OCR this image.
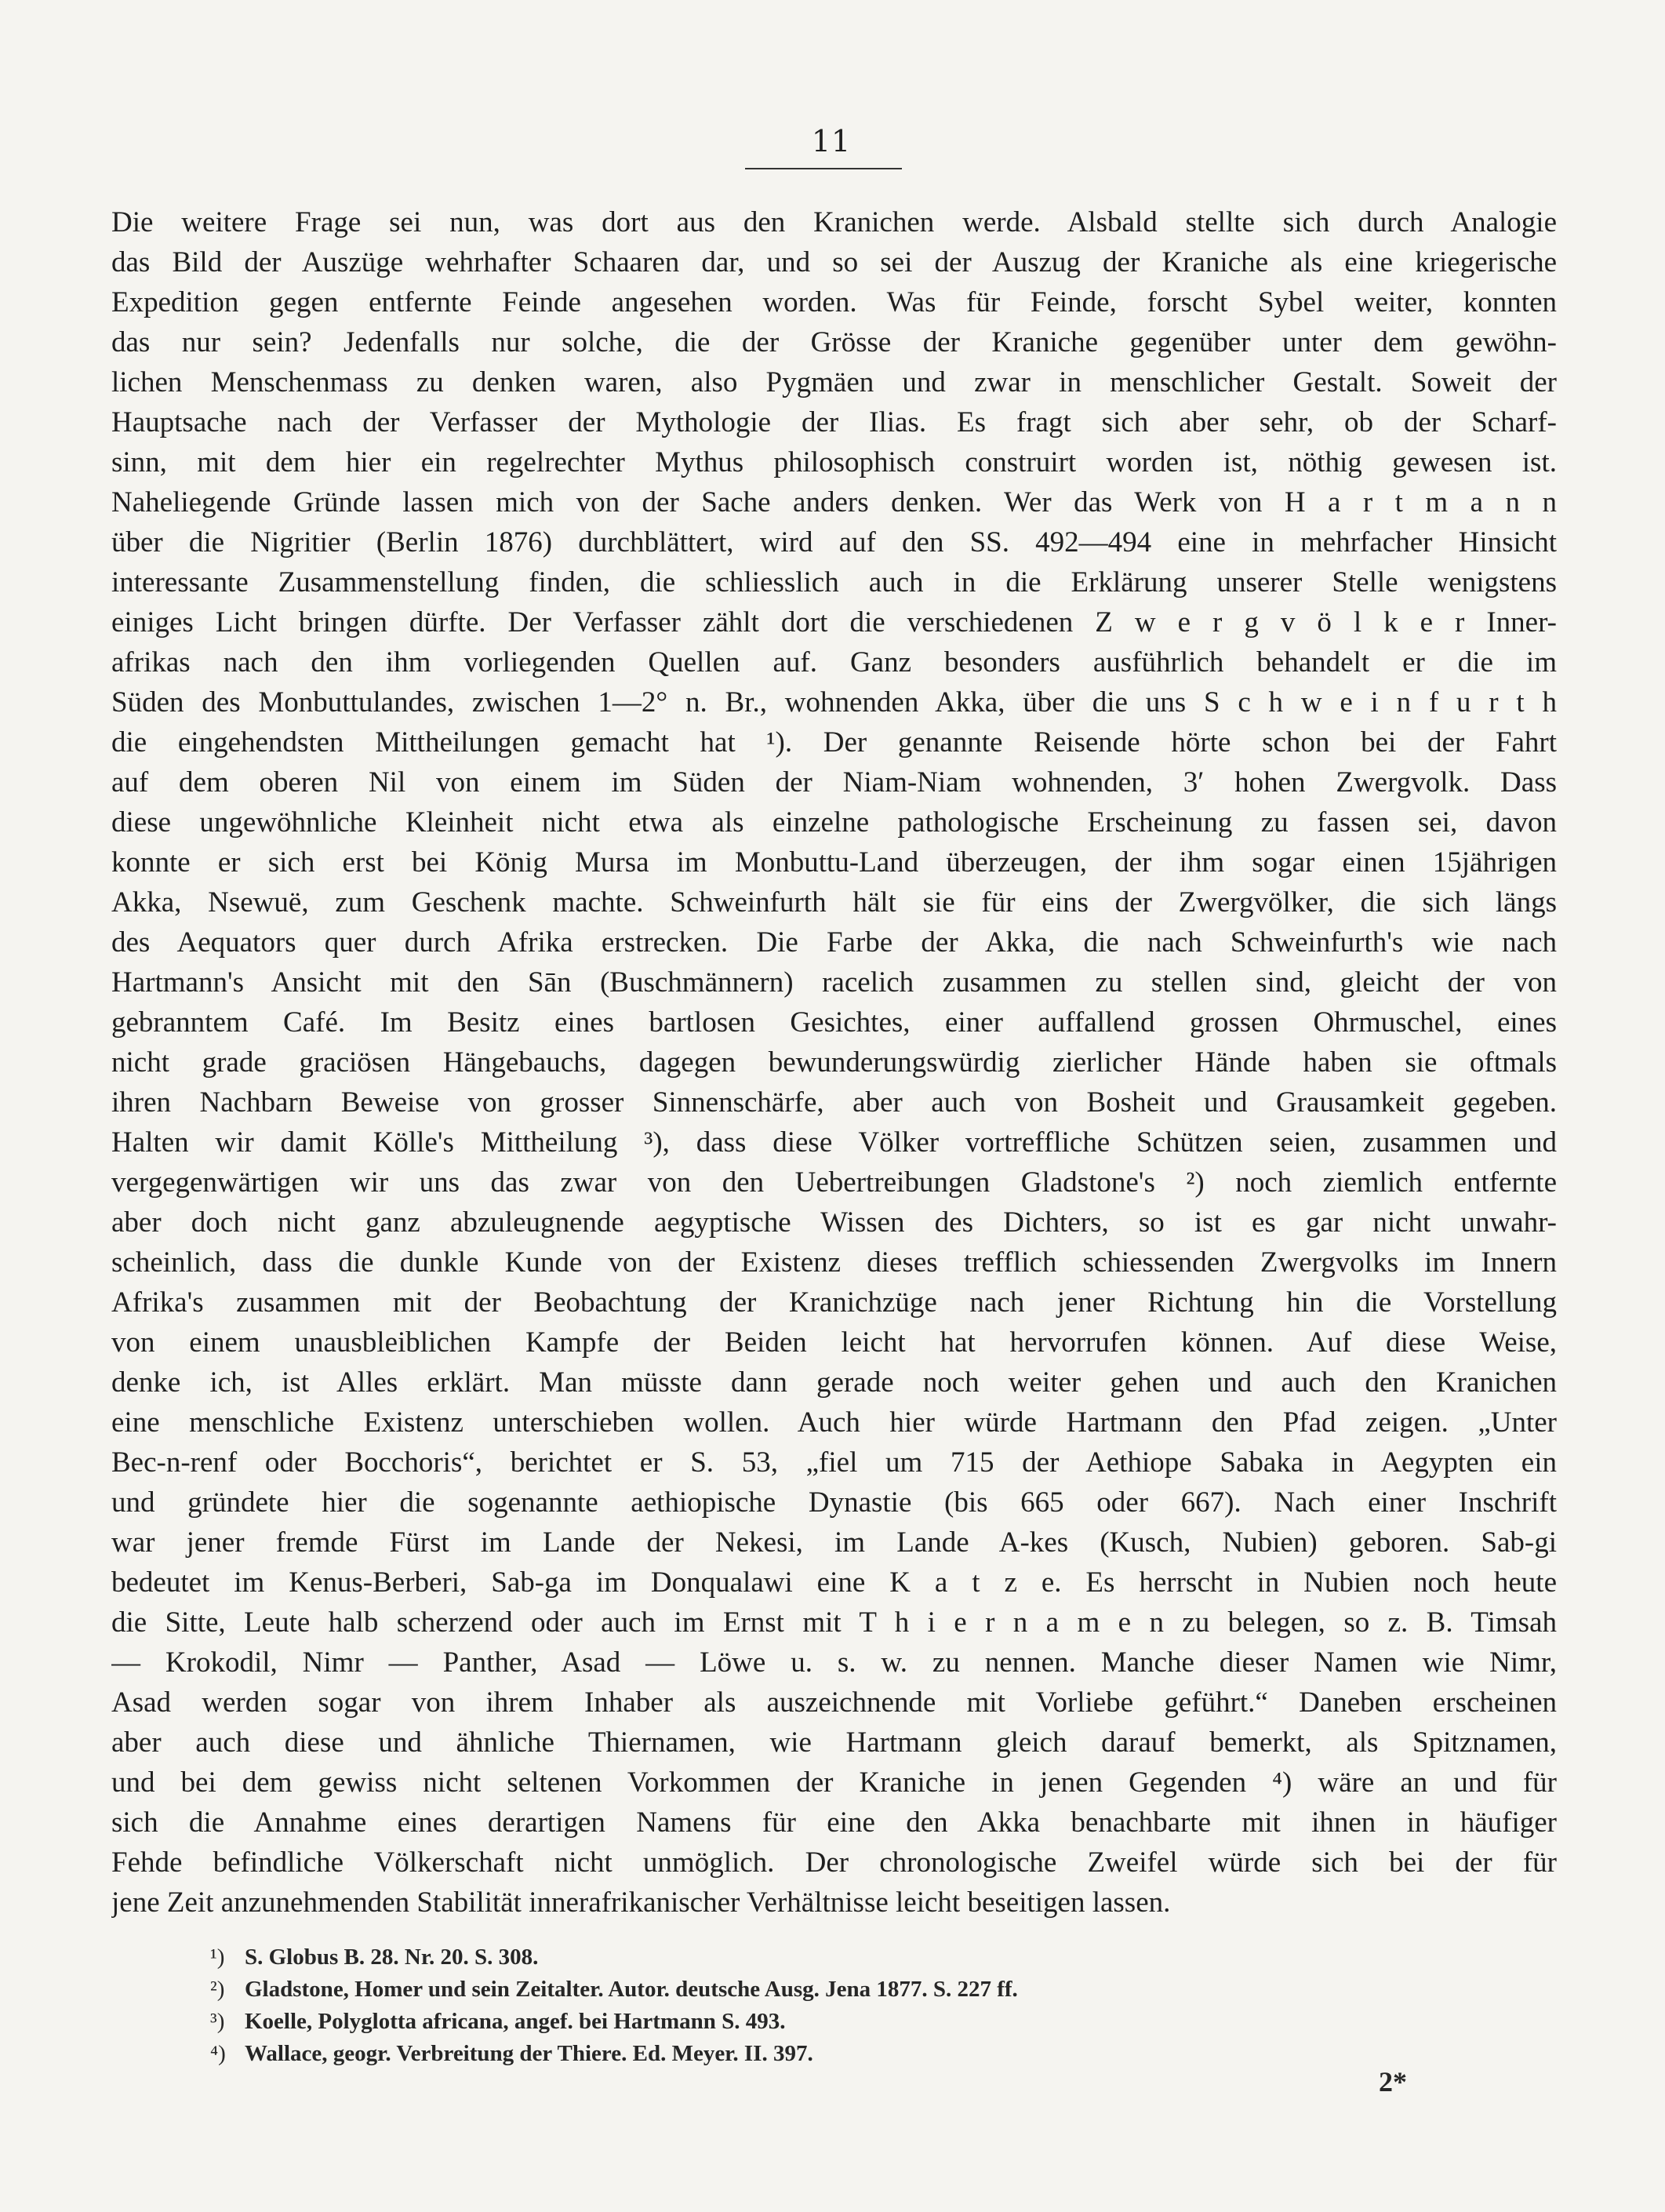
11
Die weitere Frage sei nun, was dort aus den Kranichen werde. Alsbald stellte sich durch Analogie
das Bild der Auszüge wehrhafter Schaaren dar, und so sei der Auszug der Kraniche als eine kriegerische
Expedition gegen entfernte Feinde angesehen worden. Was für Feinde, forscht Sybel weiter, konnten
das nur sein? Jedenfalls nur solche, die der Grösse der Kraniche gegenüber unter dem gewöhn-
lichen Menschenmass zu denken waren, also Pygmäen und zwar in menschlicher Gestalt. Soweit der
Hauptsache nach der Verfasser der Mythologie der Ilias. Es fragt sich aber sehr, ob der Scharf-
sinn, mit dem hier ein regelrechter Mythus philosophisch construirt worden ist, nöthig gewesen ist.
Naheliegende Gründe lassen mich von der Sache anders denken. Wer das Werk von H a r t m a n n
über die Nigritier (Berlin 1876) durchblättert, wird auf den SS. 492—494 eine in mehrfacher Hinsicht
interessante Zusammenstellung finden, die schliesslich auch in die Erklärung unserer Stelle wenigstens
einiges Licht bringen dürfte. Der Verfasser zählt dort die verschiedenen Z w e r g v ö l k e r Inner-
afrikas nach den ihm vorliegenden Quellen auf. Ganz besonders ausführlich behandelt er die im
Süden des Monbuttulandes, zwischen 1—2° n. Br., wohnenden Akka, über die uns S c h w e i n f u r t h
die eingehendsten Mittheilungen gemacht hat ¹). Der genannte Reisende hörte schon bei der Fahrt
auf dem oberen Nil von einem im Süden der Niam-Niam wohnenden, 3′ hohen Zwergvolk. Dass
diese ungewöhnliche Kleinheit nicht etwa als einzelne pathologische Erscheinung zu fassen sei, davon
konnte er sich erst bei König Mursa im Monbuttu-Land überzeugen, der ihm sogar einen 15jährigen
Akka, Nsewuë, zum Geschenk machte. Schweinfurth hält sie für eins der Zwergvölker, die sich längs
des Aequators quer durch Afrika erstrecken. Die Farbe der Akka, die nach Schweinfurth's wie nach
Hartmann's Ansicht mit den Sān (Buschmännern) racelich zusammen zu stellen sind, gleicht der von
gebranntem Café. Im Besitz eines bartlosen Gesichtes, einer auffallend grossen Ohrmuschel, eines
nicht grade graciösen Hängebauchs, dagegen bewunderungswürdig zierlicher Hände haben sie oftmals
ihren Nachbarn Beweise von grosser Sinnenschärfe, aber auch von Bosheit und Grausamkeit gegeben.
Halten wir damit Kölle's Mittheilung ³), dass diese Völker vortreffliche Schützen seien, zusammen und
vergegenwärtigen wir uns das zwar von den Uebertreibungen Gladstone's ²) noch ziemlich entfernte
aber doch nicht ganz abzuleugnende aegyptische Wissen des Dichters, so ist es gar nicht unwahr-
scheinlich, dass die dunkle Kunde von der Existenz dieses trefflich schiessenden Zwergvolks im Innern
Afrika's zusammen mit der Beobachtung der Kranichzüge nach jener Richtung hin die Vorstellung
von einem unausbleiblichen Kampfe der Beiden leicht hat hervorrufen können. Auf diese Weise,
denke ich, ist Alles erklärt. Man müsste dann gerade noch weiter gehen und auch den Kranichen
eine menschliche Existenz unterschieben wollen. Auch hier würde Hartmann den Pfad zeigen. „Unter
Bec-n-renf oder Bocchoris“, berichtet er S. 53, „fiel um 715 der Aethiope Sabaka in Aegypten ein
und gründete hier die sogenannte aethiopische Dynastie (bis 665 oder 667). Nach einer Inschrift
war jener fremde Fürst im Lande der Nekesi, im Lande A-kes (Kusch, Nubien) geboren. Sab-gi
bedeutet im Kenus-Berberi, Sab-ga im Donqualawi eine K a t z e. Es herrscht in Nubien noch heute
die Sitte, Leute halb scherzend oder auch im Ernst mit T h i e r n a m e n zu belegen, so z. B. Timsah
— Krokodil, Nimr — Panther, Asad — Löwe u. s. w. zu nennen. Manche dieser Namen wie Nimr,
Asad werden sogar von ihrem Inhaber als auszeichnende mit Vorliebe geführt.“ Daneben erscheinen
aber auch diese und ähnliche Thiernamen, wie Hartmann gleich darauf bemerkt, als Spitznamen,
und bei dem gewiss nicht seltenen Vorkommen der Kraniche in jenen Gegenden ⁴) wäre an und für
sich die Annahme eines derartigen Namens für eine den Akka benachbarte mit ihnen in häufiger
Fehde befindliche Völkerschaft nicht unmöglich. Der chronologische Zweifel würde sich bei der für
jene Zeit anzunehmenden Stabilität innerafrikanischer Verhältnisse leicht beseitigen lassen.
¹) S. Globus B. 28. Nr. 20. S. 308.
²) Gladstone, Homer und sein Zeitalter. Autor. deutsche Ausg. Jena 1877. S. 227 ff.
³) Koelle, Polyglotta africana, angef. bei Hartmann S. 493.
⁴) Wallace, geogr. Verbreitung der Thiere. Ed. Meyer. II. 397.
2*
